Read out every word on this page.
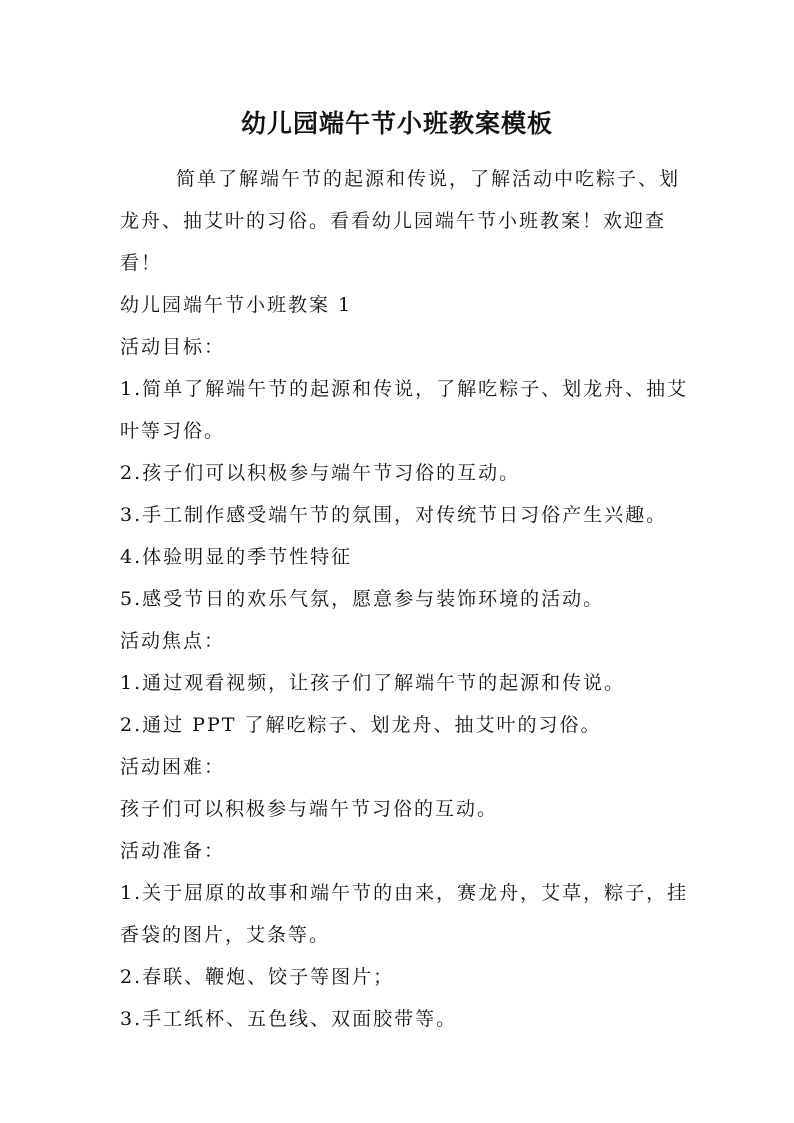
幼儿园端午节小班教案模板

简单了解端午节的起源和传说，了解活动中吃粽子、划龙舟、抽艾叶的习俗。看看幼儿园端午节小班教案！欢迎查看！

幼儿园端午节小班教案 1

活动目标：

1.简单了解端午节的起源和传说，了解吃粽子、划龙舟、抽艾叶等习俗。

2.孩子们可以积极参与端午节习俗的互动。

3.手工制作感受端午节的氛围，对传统节日习俗产生兴趣。

4.体验明显的季节性特征

5.感受节日的欢乐气氛，愿意参与装饰环境的活动。

活动焦点：

1.通过观看视频，让孩子们了解端午节的起源和传说。

2.通过 PPT 了解吃粽子、划龙舟、抽艾叶的习俗。

活动困难：

孩子们可以积极参与端午节习俗的互动。

活动准备：

1.关于屈原的故事和端午节的由来，赛龙舟，艾草，粽子，挂香袋的图片，艾条等。

2.春联、鞭炮、饺子等图片；

3.手工纸杯、五色线、双面胶带等。
